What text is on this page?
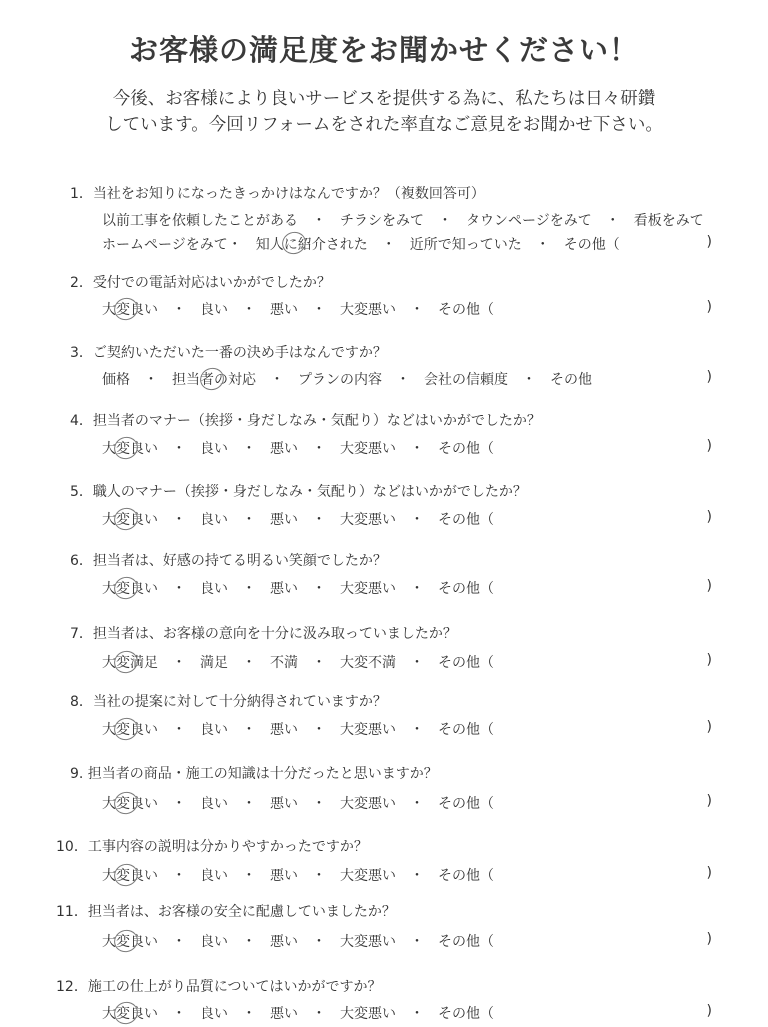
お客様の満足度をお聞かせください！
今後、お客様により良いサービスを提供する為に、私たちは日々研鑽
しています。今回リフォームをされた率直なご意見をお聞かせ下さい。
1．当社をお知りになったきっかけはなんですか？（複数回答可）
以前工事を依頼したことがある　・　チラシをみて　・　タウンページをみて　・　看板をみて
ホームページをみて・　知人に紹介された　・　近所で知っていた　・　その他（	)
2．受付での電話対応はいかがでしたか？
大変良い　・　良い　・　悪い　・　大変悪い　・　その他（	)
3．ご契約いただいた一番の決め手はなんですか？
価格　・　担当者の対応　・　プランの内容　・　会社の信頼度　・　その他	)
4．担当者のマナー（挨拶・身だしなみ・気配り）などはいかがでしたか？
大変良い　・　良い　・　悪い　・　大変悪い　・　その他（	)
5．職人のマナー（挨拶・身だしなみ・気配り）などはいかがでしたか？
大変良い　・　良い　・　悪い　・　大変悪い　・　その他（	)
6．担当者は、好感の持てる明るい笑顔でしたか？
大変良い　・　良い　・　悪い　・　大変悪い　・　その他（	)
7．担当者は、お客様の意向を十分に汲み取っていましたか？
大変満足　・　満足　・　不満　・　大変不満　・　その他（	)
8．当社の提案に対して十分納得されていますか？
大変良い　・　良い　・　悪い　・　大変悪い　・　その他（	)
9. 担当者の商品・施工の知識は十分だったと思いますか？
大変良い　・　良い　・　悪い　・　大変悪い　・　その他（	)
10．工事内容の説明は分かりやすかったですか？
大変良い　・　良い　・　悪い　・　大変悪い　・　その他（	)
11．担当者は、お客様の安全に配慮していましたか？
大変良い　・　良い　・　悪い　・　大変悪い　・　その他（	)
12．施工の仕上がり品質についてはいかがですか？
大変良い　・　良い　・　悪い　・　大変悪い　・　その他（	)
